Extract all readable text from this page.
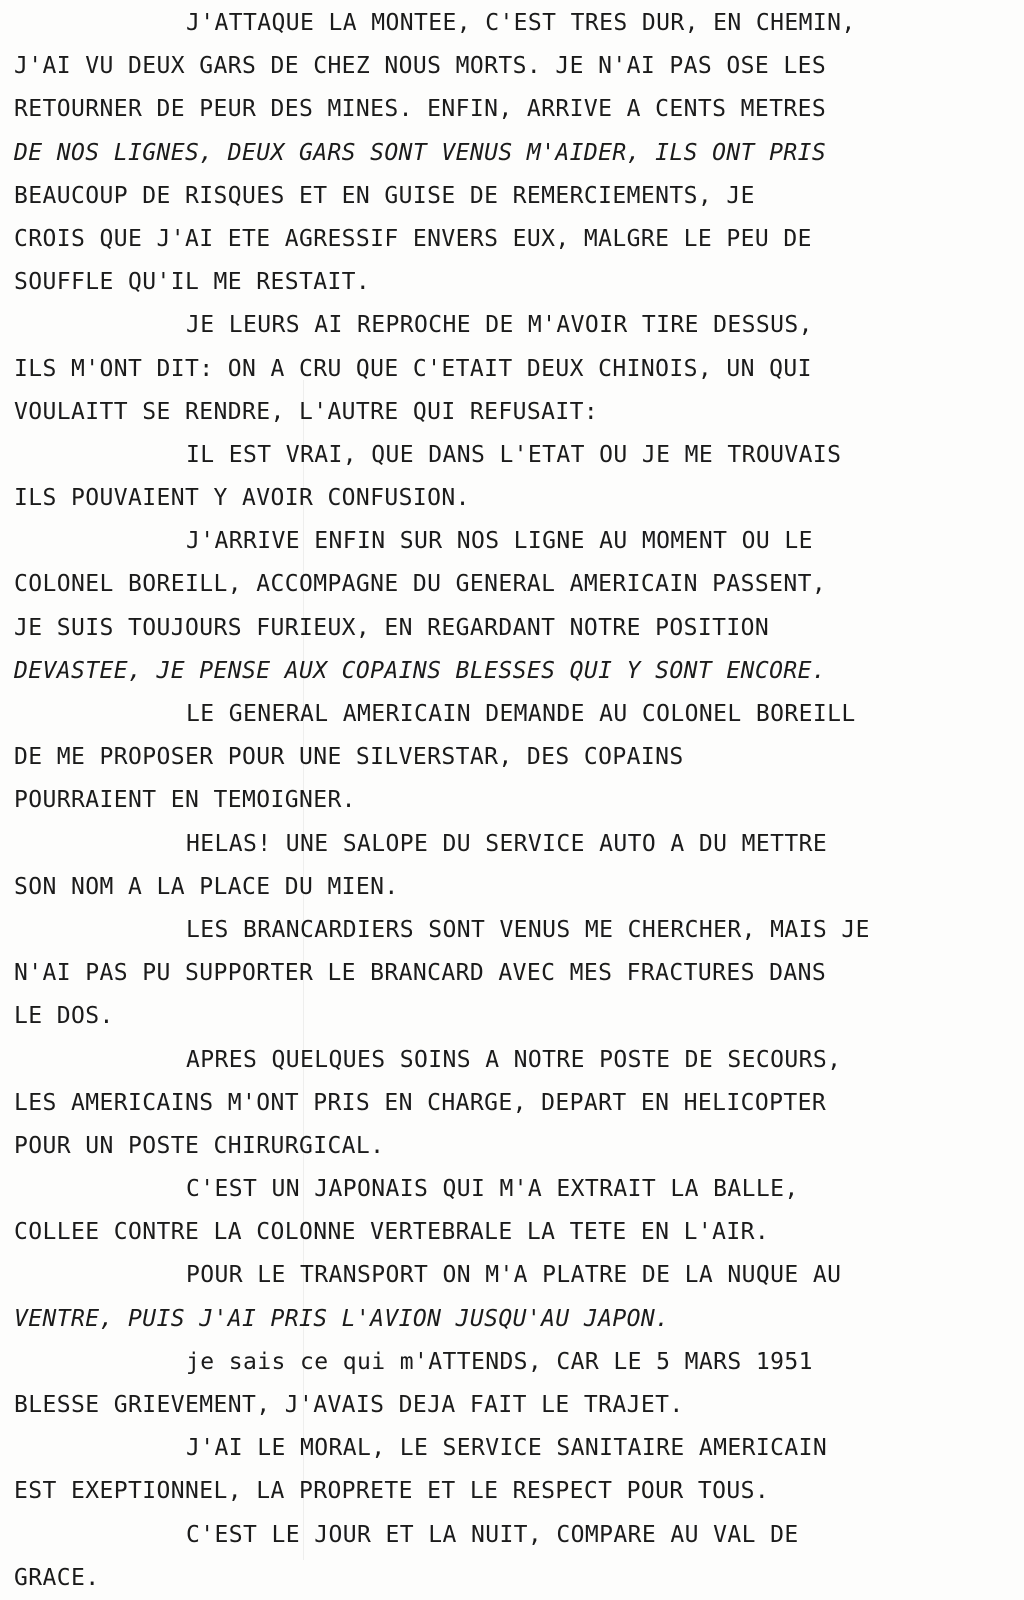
J'ATTAQUE LA MONTEE, C'EST TRES DUR, EN CHEMIN,
J'AI VU DEUX GARS DE CHEZ NOUS MORTS. JE N'AI PAS OSE LES
RETOURNER DE PEUR DES MINES. ENFIN, ARRIVE A CENTS METRES
DE NOS LIGNES, DEUX GARS SONT VENUS M'AIDER, ILS ONT PRIS
BEAUCOUP DE RISQUES ET EN GUISE DE REMERCIEMENTS, JE
CROIS QUE J'AI ETE AGRESSIF ENVERS EUX, MALGRE LE PEU DE
SOUFFLE QU'IL ME RESTAIT.
JE LEURS AI REPROCHE DE M'AVOIR TIRE DESSUS,
ILS M'ONT DIT: ON A CRU QUE C'ETAIT DEUX CHINOIS, UN QUI
VOULAITT SE RENDRE, L'AUTRE QUI REFUSAIT:
IL EST VRAI, QUE DANS L'ETAT OU JE ME TROUVAIS
ILS POUVAIENT Y AVOIR CONFUSION.
J'ARRIVE ENFIN SUR NOS LIGNE AU MOMENT OU LE
COLONEL BOREILL, ACCOMPAGNE DU GENERAL AMERICAIN PASSENT,
JE SUIS TOUJOURS FURIEUX, EN REGARDANT NOTRE POSITION
DEVASTEE, JE PENSE AUX COPAINS BLESSES QUI Y SONT ENCORE.
LE GENERAL AMERICAIN DEMANDE AU COLONEL BOREILL
DE ME PROPOSER POUR UNE SILVERSTAR, DES COPAINS
POURRAIENT EN TEMOIGNER.
HELAS! UNE SALOPE DU SERVICE AUTO A DU METTRE
SON NOM A LA PLACE DU MIEN.
LES BRANCARDIERS SONT VENUS ME CHERCHER, MAIS JE
N'AI PAS PU SUPPORTER LE BRANCARD AVEC MES FRACTURES DANS
LE DOS.
APRES QUELQUES SOINS A NOTRE POSTE DE SECOURS,
LES AMERICAINS M'ONT PRIS EN CHARGE, DEPART EN HELICOPTER
POUR UN POSTE CHIRURGICAL.
C'EST UN JAPONAIS QUI M'A EXTRAIT LA BALLE,
COLLEE CONTRE LA COLONNE VERTEBRALE LA TETE EN L'AIR.
POUR LE TRANSPORT ON M'A PLATRE DE LA NUQUE AU
VENTRE, PUIS J'AI PRIS L'AVION JUSQU'AU JAPON.
je sais ce qui m'ATTENDS, CAR LE 5 MARS 1951
BLESSE GRIEVEMENT, J'AVAIS DEJA FAIT LE TRAJET.
J'AI LE MORAL, LE SERVICE SANITAIRE AMERICAIN
EST EXEPTIONNEL, LA PROPRETE ET LE RESPECT POUR TOUS.
C'EST LE JOUR ET LA NUIT, COMPARE AU VAL DE
GRACE.
